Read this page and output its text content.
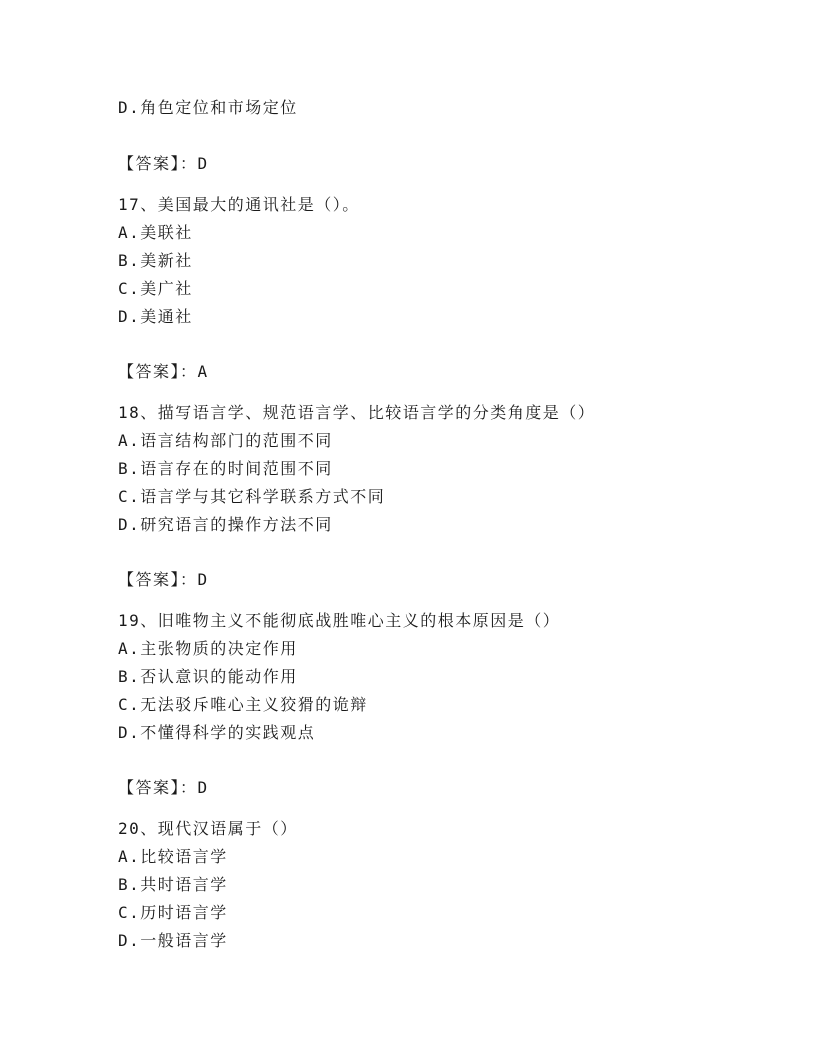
D.角色定位和市场定位
【答案】：D
17、美国最大的通讯社是（）。
A.美联社
B.美新社
C.美广社
D.美通社
【答案】：A
18、描写语言学、规范语言学、比较语言学的分类角度是（）
A.语言结构部门的范围不同
B.语言存在的时间范围不同
C.语言学与其它科学联系方式不同
D.研究语言的操作方法不同
【答案】：D
19、旧唯物主义不能彻底战胜唯心主义的根本原因是（）
A.主张物质的决定作用
B.否认意识的能动作用
C.无法驳斥唯心主义狡猾的诡辩
D.不懂得科学的实践观点
【答案】：D
20、现代汉语属于（）
A.比较语言学
B.共时语言学
C.历时语言学
D.一般语言学
